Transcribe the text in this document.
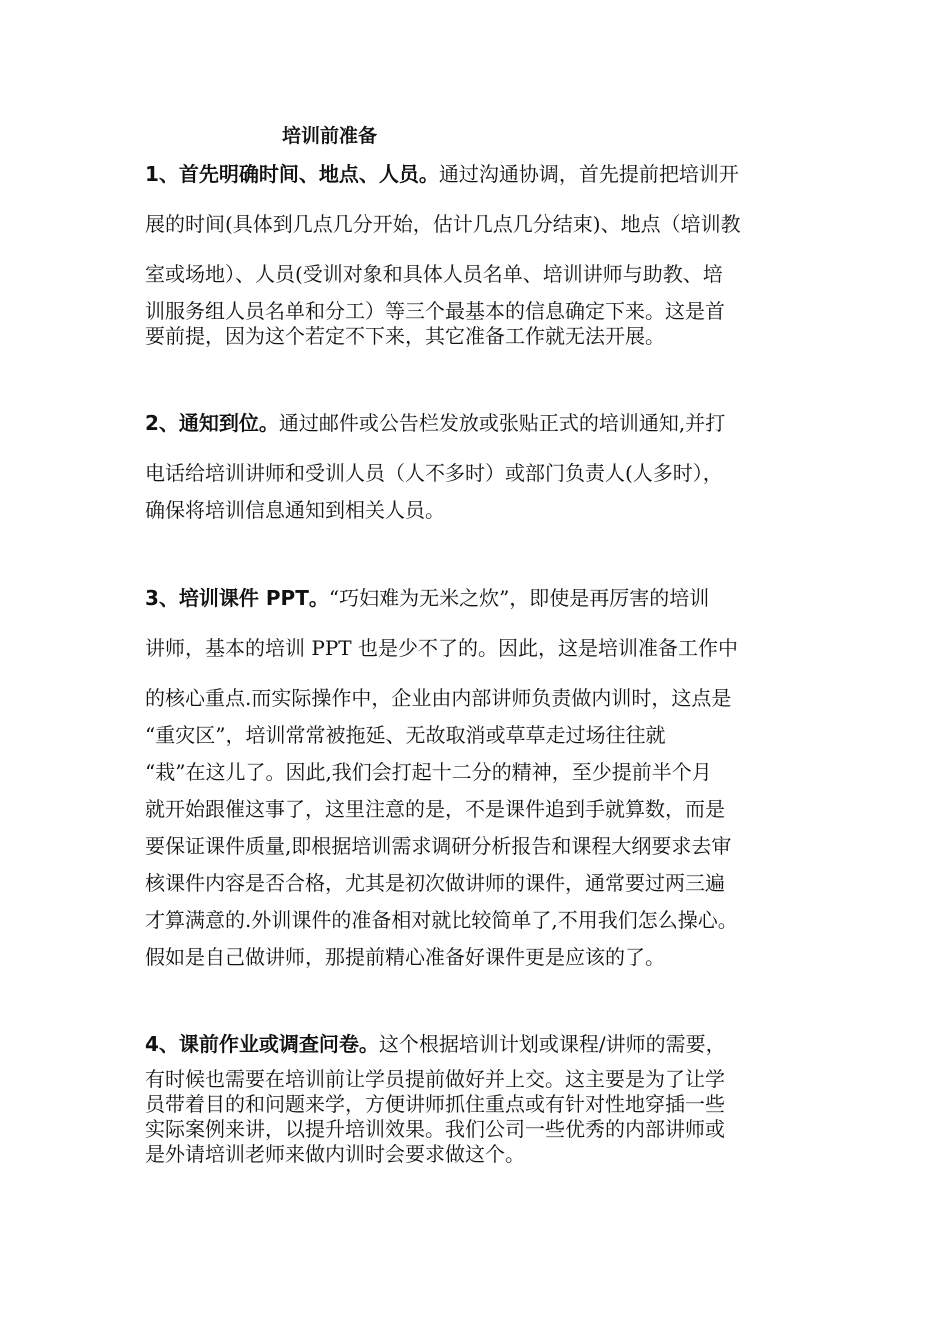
培训前准备
1、首先明确时间、地点、人员。通过沟通协调，首先提前把培训开
展的时间(具体到几点几分开始，估计几点几分结束)、地点（培训教
室或场地）、人员(受训对象和具体人员名单、培训讲师与助教、培
训服务组人员名单和分工）等三个最基本的信息确定下来。这是首
要前提，因为这个若定不下来，其它准备工作就无法开展。
2、通知到位。通过邮件或公告栏发放或张贴正式的培训通知,并打
电话给培训讲师和受训人员（人不多时）或部门负责人(人多时），
确保将培训信息通知到相关人员。
3、培训课件 PPT。“巧妇难为无米之炊”，即使是再厉害的培训
讲师，基本的培训 PPT 也是少不了的。因此，这是培训准备工作中
的核心重点.而实际操作中，企业由内部讲师负责做内训时，这点是
“重灾区”，培训常常被拖延、无故取消或草草走过场往往就
“栽”在这儿了。因此,我们会打起十二分的精神，至少提前半个月
就开始跟催这事了，这里注意的是，不是课件追到手就算数，而是
要保证课件质量,即根据培训需求调研分析报告和课程大纲要求去审
核课件内容是否合格，尤其是初次做讲师的课件，通常要过两三遍
才算满意的.外训课件的准备相对就比较简单了,不用我们怎么操心。
假如是自己做讲师，那提前精心准备好课件更是应该的了。
4、课前作业或调查问卷。这个根据培训计划或课程/讲师的需要，
有时候也需要在培训前让学员提前做好并上交。这主要是为了让学
员带着目的和问题来学，方便讲师抓住重点或有针对性地穿插一些
实际案例来讲，以提升培训效果。我们公司一些优秀的内部讲师或
是外请培训老师来做内训时会要求做这个。
